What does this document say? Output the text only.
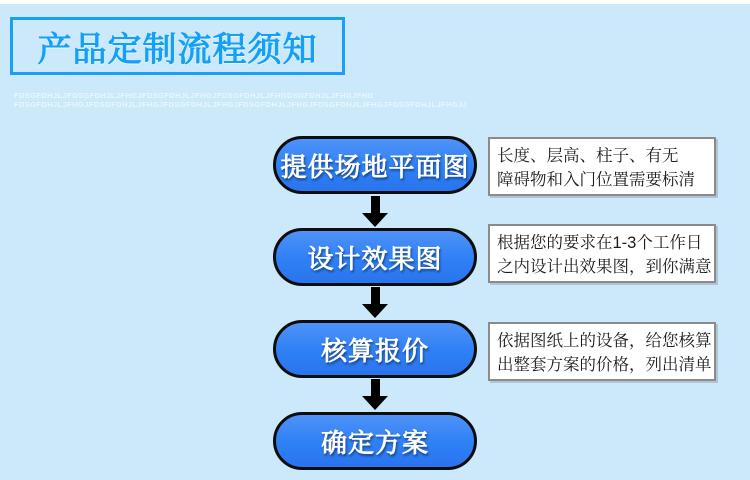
产品定制流程须知
FDSGFDHJLJFDSGFDHJLJFHGJFDSGFDHJLJFHGJFDSGFDHJLJFHGDSGFDHJLJFHGJFHG
FDSGFDHJLJFHGJFDSGFDHJLJFHGJFDSGFDHJLJFHGJFDSGFDHJLJFHGJFDSGFDHJLJFHGJFDSGFDHJLJFHGJJ
提供场地平面图
设计效果图
核算报价
确定方案
长度、层高、柱子、有无
障碍物和入门位置需要标清
根据您的要求在1-3个工作日
之内设计出效果图，到你满意
依据图纸上的设备，给您核算
出整套方案的价格，列出清单
